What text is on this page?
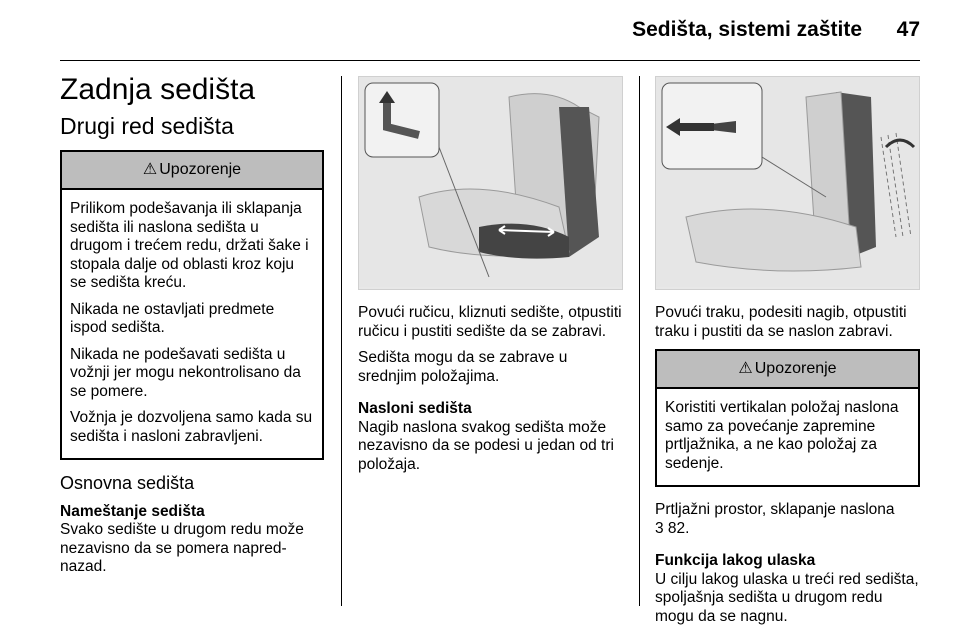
Sedišta, sistemi zaštite 47
Zadnja sedišta
Drugi red sedišta
⚠ Upozorenje

Prilikom podešavanja ili sklapanja sedišta ili naslona sedišta u drugom i trećem redu, držati šake i stopala dalje od oblasti kroz koju se sedišta kreću.

Nikada ne ostavljati predmete ispod sedišta.

Nikada ne podešavati sedišta u vožnji jer mogu nekontrolisano da se pomere.

Vožnja je dozvoljena samo kada su sedišta i nasloni zabravljeni.

Osnovna sedišta
Nameštanje sedišta

Svako sedište u drugom redu može nezavisno da se pomera napred-nazad.

Povući ručicu, kliznuti sedište, otpustiti ručicu i pustiti sedište da se zabravi.

Sedišta mogu da se zabrave u srednjim položajima.

Nasloni sedišta

Nagib naslona svakog sedišta može nezavisno da se podesi u jedan od tri položaja.

Povući traku, podesiti nagib, otpustiti traku i pustiti da se naslon zabravi.

⚠ Upozorenje

Koristiti vertikalan položaj naslona samo za povećanje zapremine prtljažnika, a ne kao položaj za sedenje.

Prtljažni prostor, sklapanje naslona

3 82.

Funkcija lakog ulaska

U cilju lakog ulaska u treći red sedišta, spoljašnja sedišta u drugom redu mogu da se nagnu.
